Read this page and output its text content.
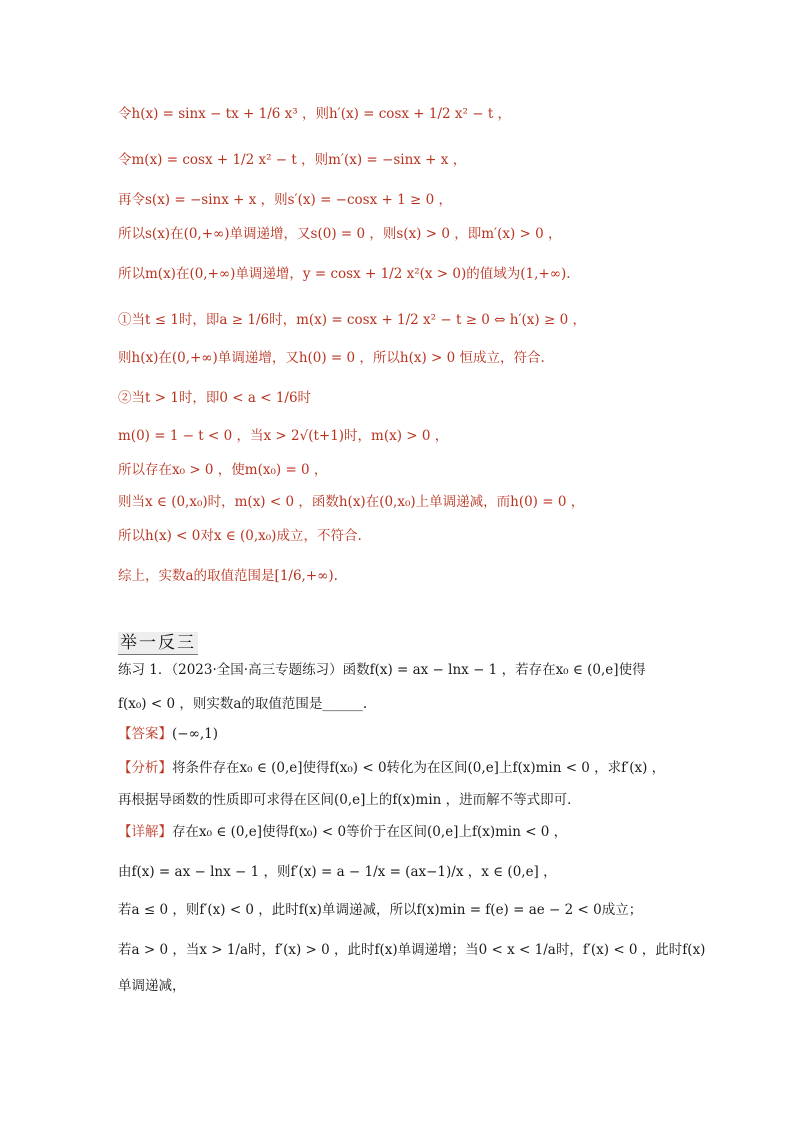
令h(x) = sinx − tx + 1/6 x³ ，则h′(x) = cosx + 1/2 x² − t ，
令m(x) = cosx + 1/2 x² − t ，则m′(x) = −sinx + x ，
再令s(x) = −sinx + x ，则s′(x) = −cosx + 1 ≥ 0 ，
所以s(x)在(0,+∞)单调递增，又s(0) = 0 ，则s(x) > 0 ，即m′(x) > 0 ，
所以m(x)在(0,+∞)单调递增，y = cosx + 1/2 x²(x > 0)的值域为(1,+∞).
①当t ≤ 1时，即a ≥ 1/6时，m(x) = cosx + 1/2 x² − t ≥ 0 ⇔ h′(x) ≥ 0 ，
则h(x)在(0,+∞)单调递增，又h(0) = 0 ，所以h(x) > 0 恒成立，符合.
②当t > 1时，即0 < a < 1/6时
m(0) = 1 − t < 0 ，当x > 2√(t+1)时，m(x) > 0 ，
所以存在x₀ > 0 ，使m(x₀) = 0 ，
则当x ∈ (0,x₀)时，m(x) < 0 ，函数h(x)在(0,x₀)上单调递减，而h(0) = 0 ，
所以h(x) < 0对x ∈ (0,x₀)成立，不符合.
综上，实数a的取值范围是[1/6,+∞).
举一反三
练习 1．（2023·全国·高三专题练习）函数f(x) = ax − lnx − 1 ，若存在x₀ ∈ (0,e]使得
f(x₀) < 0 ，则实数a的取值范围是______.
【答案】(−∞,1)
【分析】将条件存在x₀ ∈ (0,e]使得f(x₀) < 0转化为在区间(0,e]上f(x)min < 0 ，求f′(x) ，
再根据导函数的性质即可求得在区间(0,e]上的f(x)min ，进而解不等式即可．
【详解】存在x₀ ∈ (0,e]使得f(x₀) < 0等价于在区间(0,e]上f(x)min < 0 ，
由f(x) = ax − lnx − 1 ，则f′(x) = a − 1/x = (ax−1)/x ，x ∈ (0,e] ，
若a ≤ 0 ，则f′(x) < 0 ，此时f(x)单调递减，所以f(x)min = f(e) = ae − 2 < 0成立；
若a > 0 ，当x > 1/a时，f′(x) > 0 ，此时f(x)单调递增；当0 < x < 1/a时，f′(x) < 0 ，此时f(x)
单调递减，
